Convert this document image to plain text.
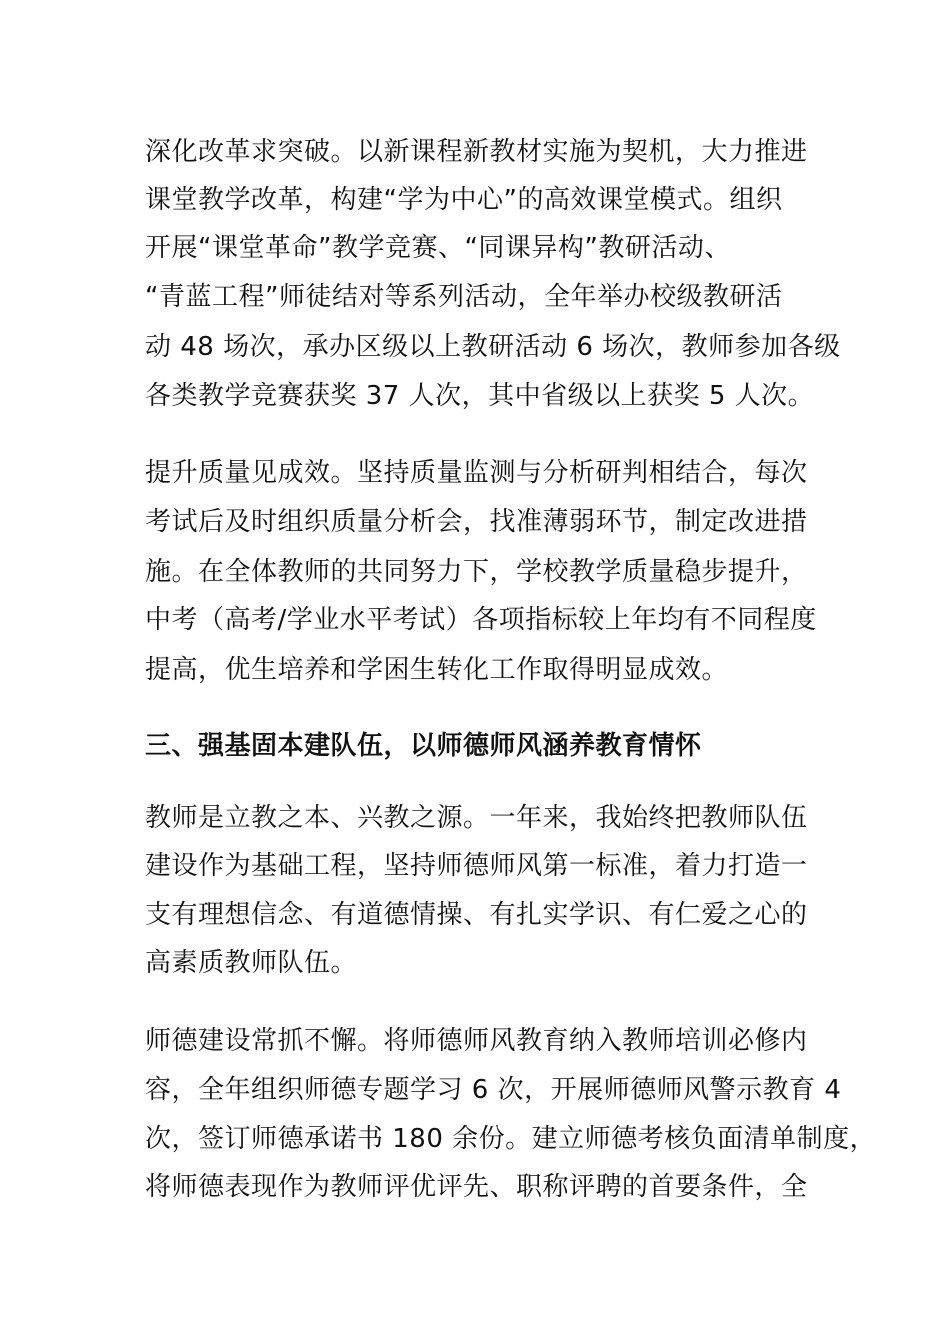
深化改革求突破。以新课程新教材实施为契机，大力推进
课堂教学改革，构建“学为中心”的高效课堂模式。组织
开展“课堂革命”教学竞赛、“同课异构”教研活动、
“青蓝工程”师徒结对等系列活动，全年举办校级教研活
动 48 场次，承办区级以上教研活动 6 场次，教师参加各级
各类教学竞赛获奖 37 人次，其中省级以上获奖 5 人次。
提升质量见成效。坚持质量监测与分析研判相结合，每次
考试后及时组织质量分析会，找准薄弱环节，制定改进措
施。在全体教师的共同努力下，学校教学质量稳步提升，
中考（高考/学业水平考试）各项指标较上年均有不同程度
提高，优生培养和学困生转化工作取得明显成效。
三、强基固本建队伍，以师德师风涵养教育情怀
教师是立教之本、兴教之源。一年来，我始终把教师队伍
建设作为基础工程，坚持师德师风第一标准，着力打造一
支有理想信念、有道德情操、有扎实学识、有仁爱之心的
高素质教师队伍。
师德建设常抓不懈。将师德师风教育纳入教师培训必修内
容，全年组织师德专题学习 6 次，开展师德师风警示教育 4
次，签订师德承诺书 180 余份。建立师德考核负面清单制度，
将师德表现作为教师评优评先、职称评聘的首要条件，全
